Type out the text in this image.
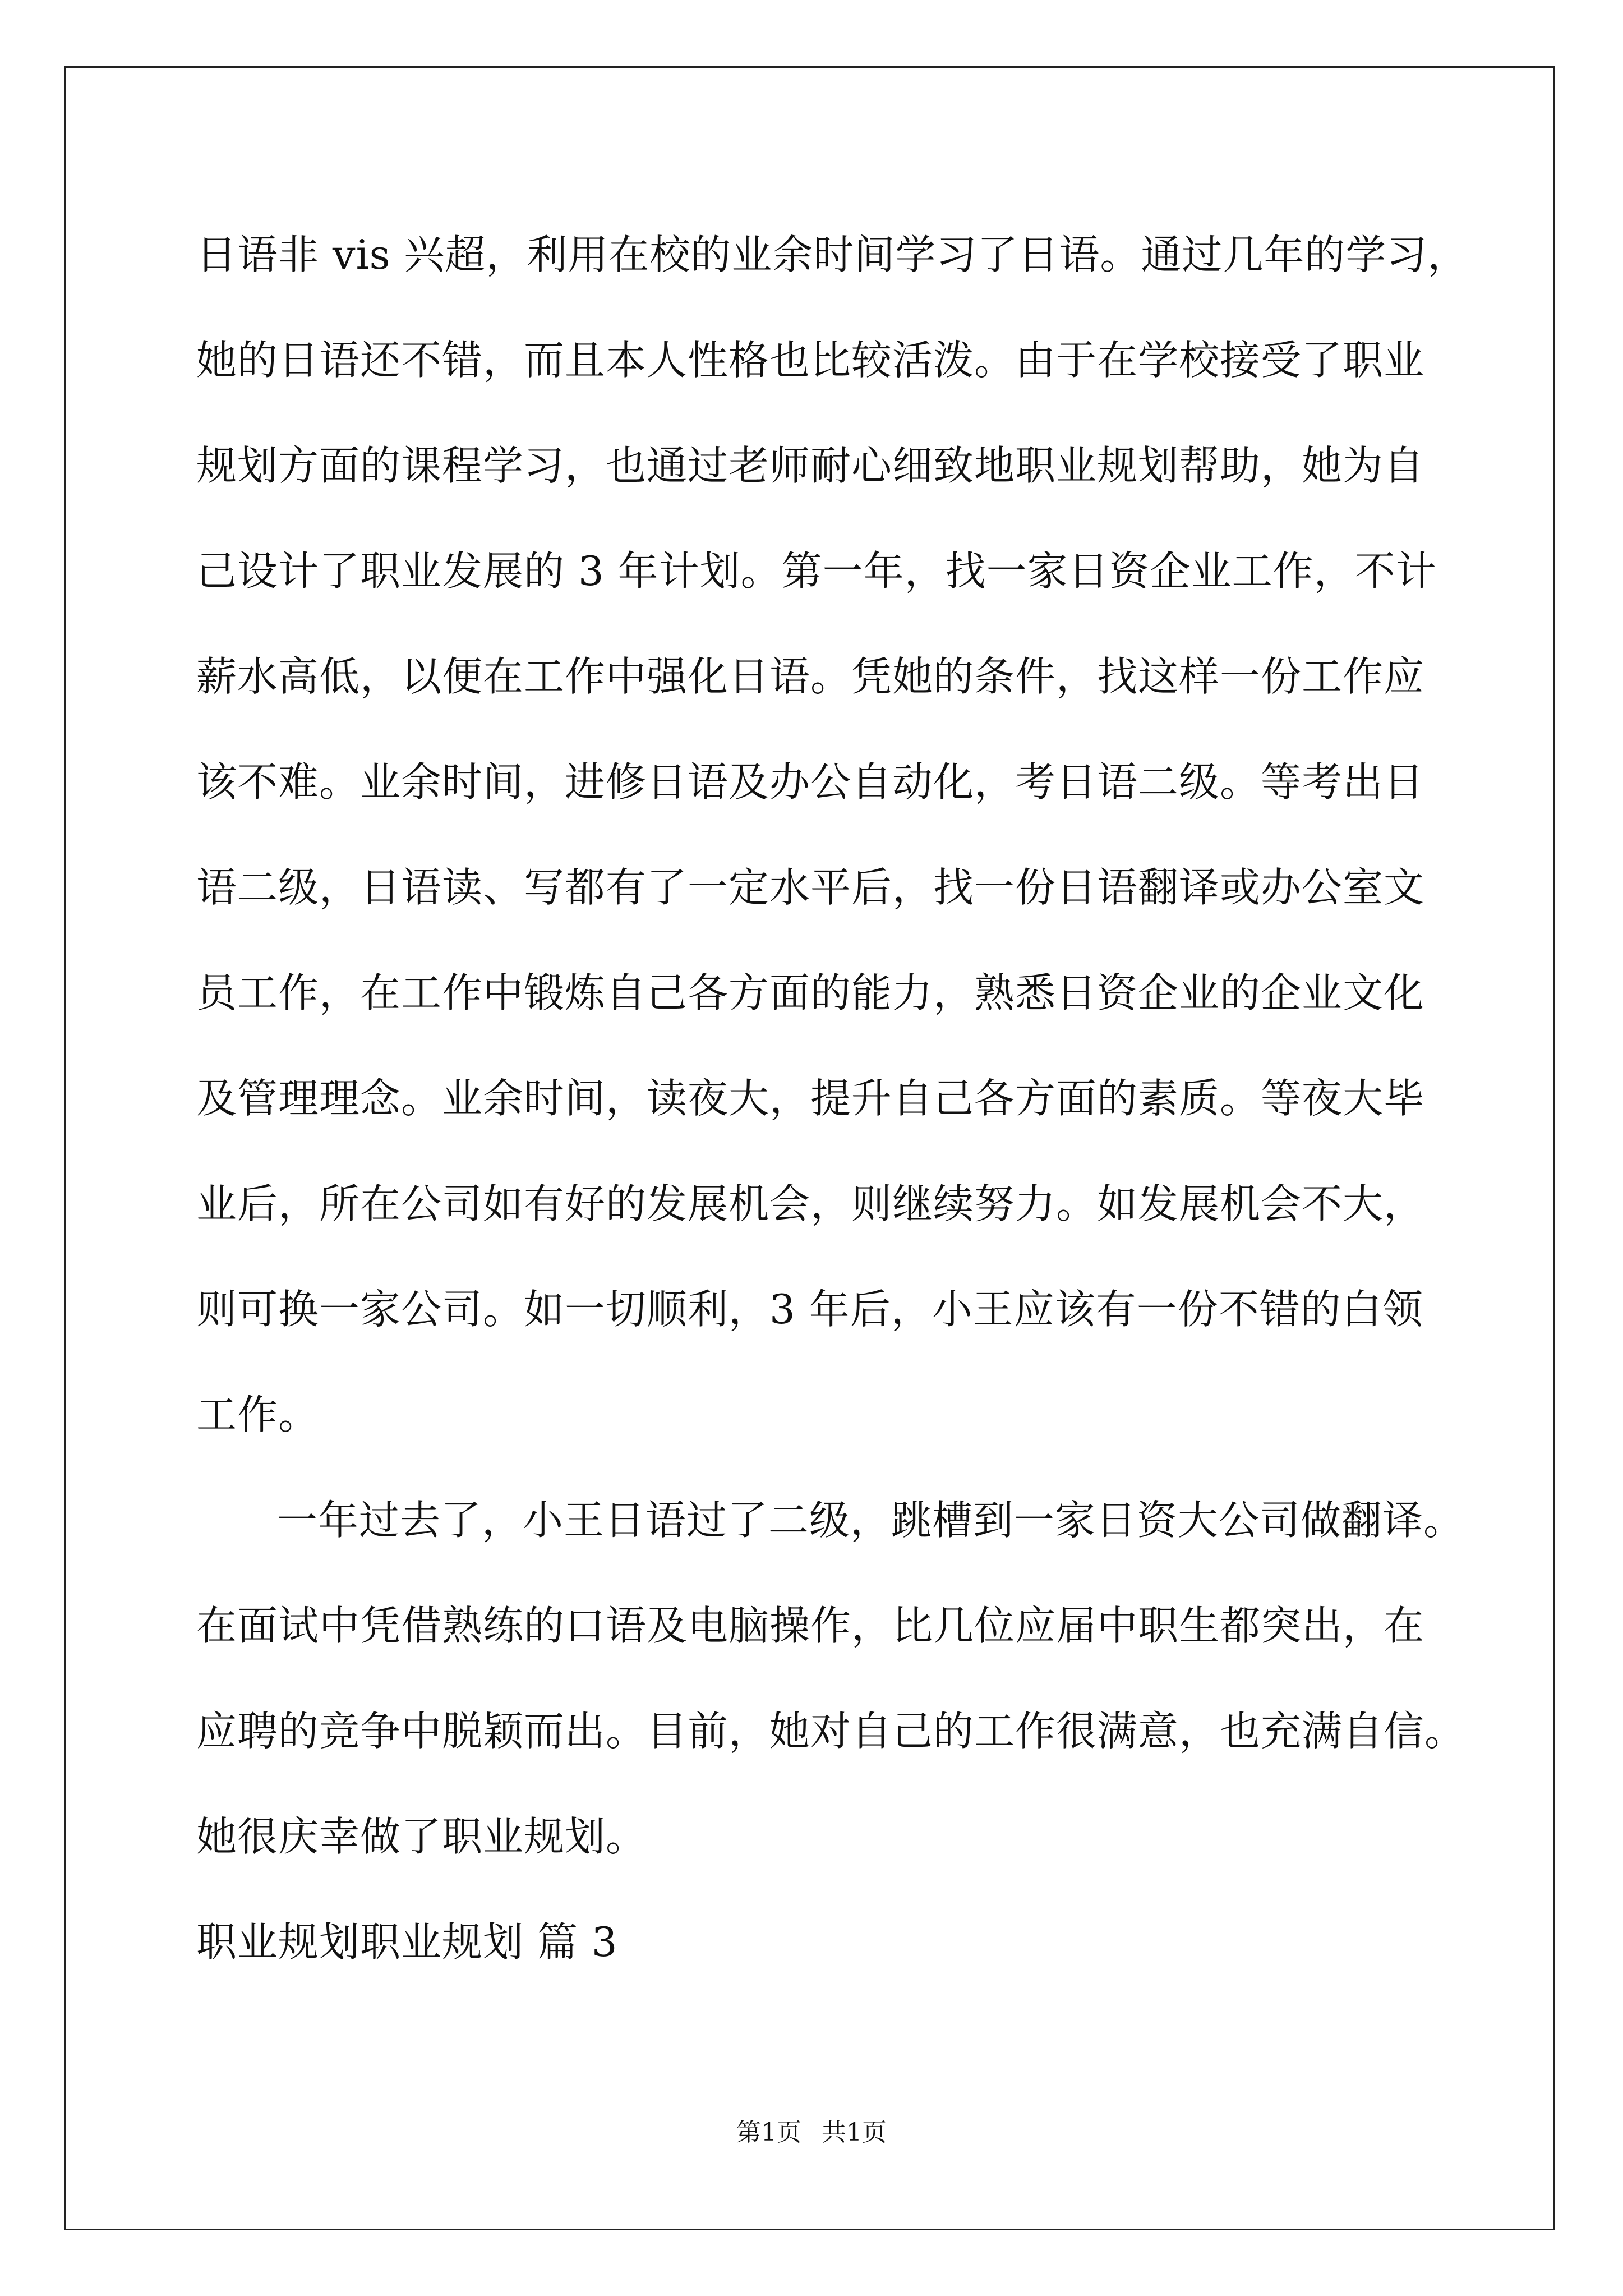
日语非 vis 兴超，利用在校的业余时间学习了日语。通过几年的学习，
她的日语还不错，而且本人性格也比较活泼。由于在学校接受了职业
规划方面的课程学习，也通过老师耐心细致地职业规划帮助，她为自
己设计了职业发展的 3 年计划。第一年，找一家日资企业工作，不计
薪水高低，以便在工作中强化日语。凭她的条件，找这样一份工作应
该不难。业余时间，进修日语及办公自动化，考日语二级。等考出日
语二级，日语读、写都有了一定水平后，找一份日语翻译或办公室文
员工作，在工作中锻炼自己各方面的能力，熟悉日资企业的企业文化
及管理理念。业余时间，读夜大，提升自己各方面的素质。等夜大毕
业后，所在公司如有好的发展机会，则继续努力。如发展机会不大，
则可换一家公司。如一切顺利，3 年后，小王应该有一份不错的白领
工作。
一年过去了，小王日语过了二级，跳槽到一家日资大公司做翻译。
在面试中凭借熟练的口语及电脑操作，比几位应届中职生都突出，在
应聘的竞争中脱颖而出。目前，她对自己的工作很满意，也充满自信。
她很庆幸做了职业规划。
职业规划职业规划 篇 3
第1页 共1页
